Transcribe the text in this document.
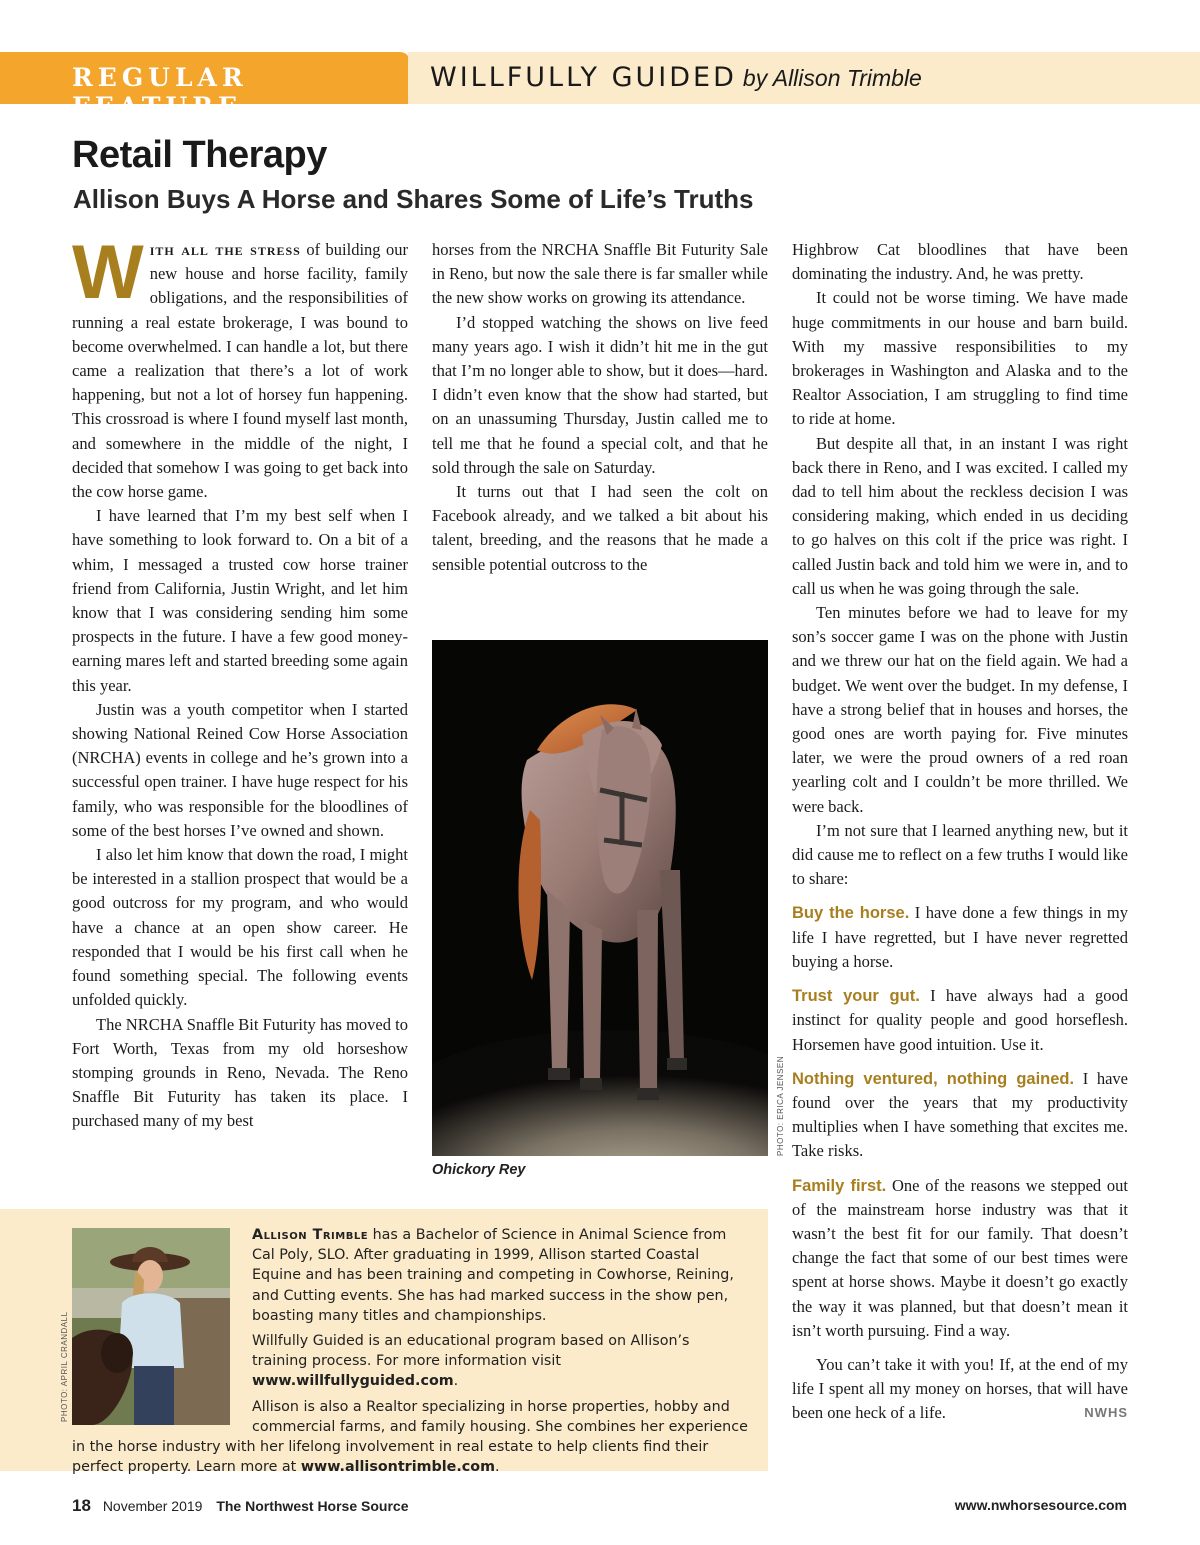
REGULAR FEATURE
WILLFULLY GUIDED by Allison Trimble
Retail Therapy
Allison Buys A Horse and Shares Some of Life’s Truths

With all the stress of building our new house and horse facility, family obligations, and the responsibilities of running a real estate brokerage, I was bound to become overwhelmed. I can handle a lot, but there came a realization that there’s a lot of work happening, but not a lot of horsey fun happening. This crossroad is where I found myself last month, and somewhere in the middle of the night, I decided that somehow I was going to get back into the cow horse game.

I have learned that I’m my best self when I have something to look forward to. On a bit of a whim, I messaged a trusted cow horse trainer friend from California, Justin Wright, and let him know that I was considering sending him some prospects in the future. I have a few good money-earning mares left and started breeding some again this year.

Justin was a youth competitor when I started showing National Reined Cow Horse Association (NRCHA) events in college and he’s grown into a successful open trainer. I have huge respect for his family, who was responsible for the bloodlines of some of the best horses I’ve owned and shown.

I also let him know that down the road, I might be interested in a stallion prospect that would be a good outcross for my program, and who would have a chance at an open show career. He responded that I would be his first call when he found something special. The following events unfolded quickly.

The NRCHA Snaffle Bit Futurity has moved to Fort Worth, Texas from my old horseshow stomping grounds in Reno, Nevada. The Reno Snaffle Bit Futurity has taken its place. I purchased many of my best

horses from the NRCHA Snaffle Bit Futurity Sale in Reno, but now the sale there is far smaller while the new show works on growing its attendance.

I’d stopped watching the shows on live feed many years ago. I wish it didn’t hit me in the gut that I’m no longer able to show, but it does—hard. I didn’t even know that the show had started, but on an unassuming Thursday, Justin called me to tell me that he found a special colt, and that he sold through the sale on Saturday.

It turns out that I had seen the colt on Facebook already, and we talked a bit about his talent, breeding, and the reasons that he made a sensible potential outcross to the

PHOTO: ERICA JENSEN
Ohickory Rey

Highbrow Cat bloodlines that have been dominating the industry. And, he was pretty.

It could not be worse timing. We have made huge commitments in our house and barn build. With my massive responsibilities to my brokerages in Washington and Alaska and to the Realtor Association, I am struggling to find time to ride at home.

But despite all that, in an instant I was right back there in Reno, and I was excited. I called my dad to tell him about the reckless decision I was considering making, which ended in us deciding to go halves on this colt if the price was right. I called Justin back and told him we were in, and to call us when he was going through the sale.

Ten minutes before we had to leave for my son’s soccer game I was on the phone with Justin and we threw our hat on the field again. We had a budget. We went over the budget. In my defense, I have a strong belief that in houses and horses, the good ones are worth paying for. Five minutes later, we were the proud owners of a red roan yearling colt and I couldn’t be more thrilled. We were back.

I’m not sure that I learned anything new, but it did cause me to reflect on a few truths I would like to share:

Buy the horse. I have done a few things in my life I have regretted, but I have never regretted buying a horse.

Trust your gut. I have always had a good instinct for quality people and good horseflesh. Horsemen have good intuition. Use it.

Nothing ventured, nothing gained. I have found over the years that my productivity multiplies when I have something that excites me. Take risks.

Family first. One of the reasons we stepped out of the mainstream horse industry was that it wasn’t the best fit for our family. That doesn’t change the fact that some of our best times were spent at horse shows. Maybe it doesn’t go exactly the way it was planned, but that doesn’t mean it isn’t worth pursuing. Find a way.

You can’t take it with you! If, at the end of my life I spent all my money on horses, that will have been one heck of a life.	NWHS

PHOTO: APRIL CRANDALL

Allison Trimble has a Bachelor of Science in Animal Science from Cal Poly, SLO. After graduating in 1999, Allison started Coastal Equine and has been training and competing in Cowhorse, Reining, and Cutting events. She has had marked success in the show pen, boasting many titles and championships.

Willfully Guided is an educational program based on Allison’s training process. For more information visit www.willfullyguided.com.

Allison is also a Realtor specializing in horse properties, hobby and commercial farms, and family housing. She combines her experience in the horse industry with her lifelong involvement in real estate to help clients find their perfect property. Learn more at www.allisontrimble.com.

18 November 2019 The Northwest Horse Source	www.nwhorsesource.com
